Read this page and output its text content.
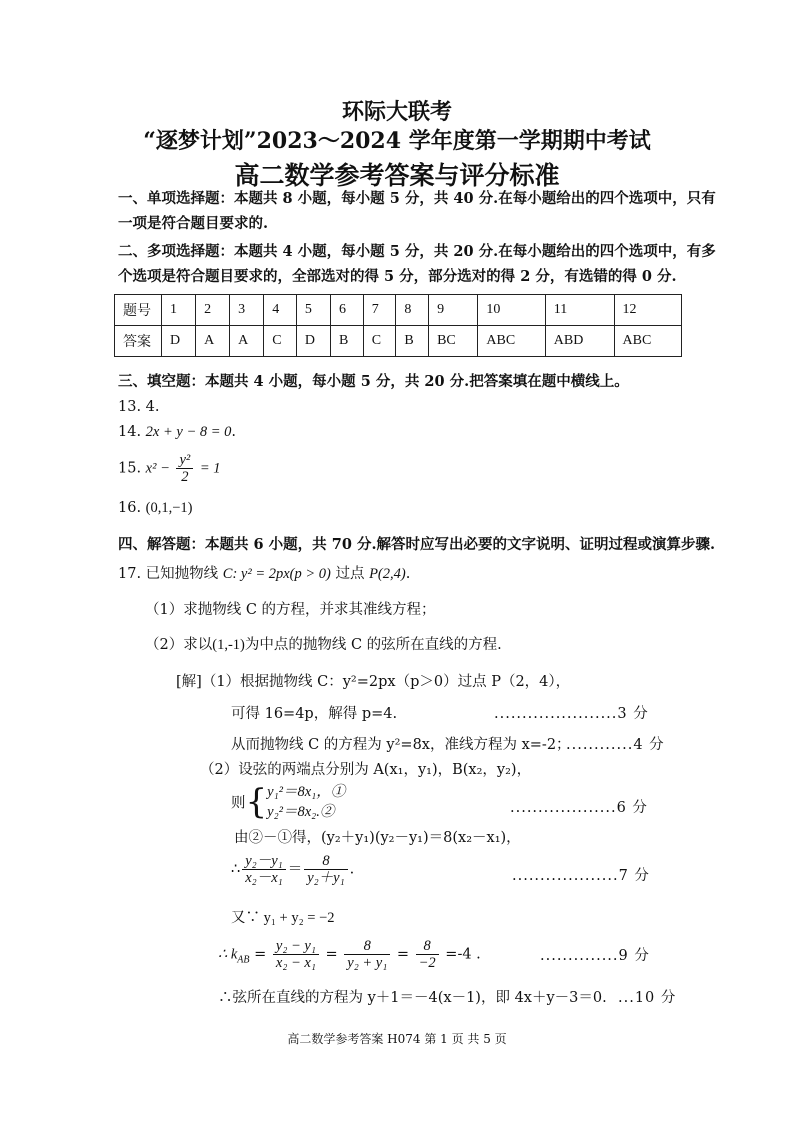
环际大联考
“逐梦计划”2023～2024 学年度第一学期期中考试
高二数学参考答案与评分标准
一、单项选择题：本题共 8 小题，每小题 5 分，共 40 分.在每小题给出的四个选项中，只有
一项是符合题目要求的.
二、多项选择题：本题共 4 小题，每小题 5 分，共 20 分.在每小题给出的四个选项中，有多
个选项是符合题目要求的，全部选对的得 5 分，部分选对的得 2 分，有选错的得 0 分.
题号	1	2	3	4	5	6	7	8	9	10	11	12
答案	D	A	A	C	D	B	C	B	BC	ABC	ABD	ABC
三、填空题：本题共 4 小题，每小题 5 分，共 20 分.把答案填在题中横线上。
13. 4.
14. 2x + y − 8 = 0.
15. $x^2 - \frac{\text{y²}}{2} = 1$
16. (0,1,−1)
四、解答题：本题共 6 小题，共 70 分.解答时应写出必要的文字说明、证明过程或演算步骤.
17. 已知抛物线 C: y² = 2px(p > 0) 过点 P(2,4).
（1）求抛物线 C 的方程，并求其准线方程；
（2）求以(1,-1)为中点的抛物线 C 的弦所在直线的方程.
[解]（1）根据抛物线 C：y²=2px（p＞0）过点 P（2，4），
可得 16=4p，解得 p=4.	......................3 分
从而抛物线 C 的方程为 y²=8x，准线方程为 x=-2；
............4 分
（2）设弦的两端点分别为 A(x₁，y₁)，B(x₂，y₂)，
则{ y₁²＝8x₁，①
y₂²＝8x₂.②	...................6 分
由②－①得，(y₂＋y₁)(y₂－y₁)＝8(x₂－x₁)，
∴ $\frac{\text{y₂－y₁}}{\text{x₂－x₁}} = \frac{8}{\text{y₂＋y₁}}$ .	...................7 分
又∵ y₁ + y₂ = −2
∴ $k_{AB} = \frac{\text{y₂ − y₁}}{\text{x₂ − x₁}} = \frac{8}{\text{y₂ + y₁}} = \frac{8}{-2} =-4$ .	..............9 分
∴弦所在直线的方程为 y＋1＝－4(x－1)，即 4x＋y－3＝0. ...10 分
高二数学参考答案 H074 第 1 页 共 5 页
